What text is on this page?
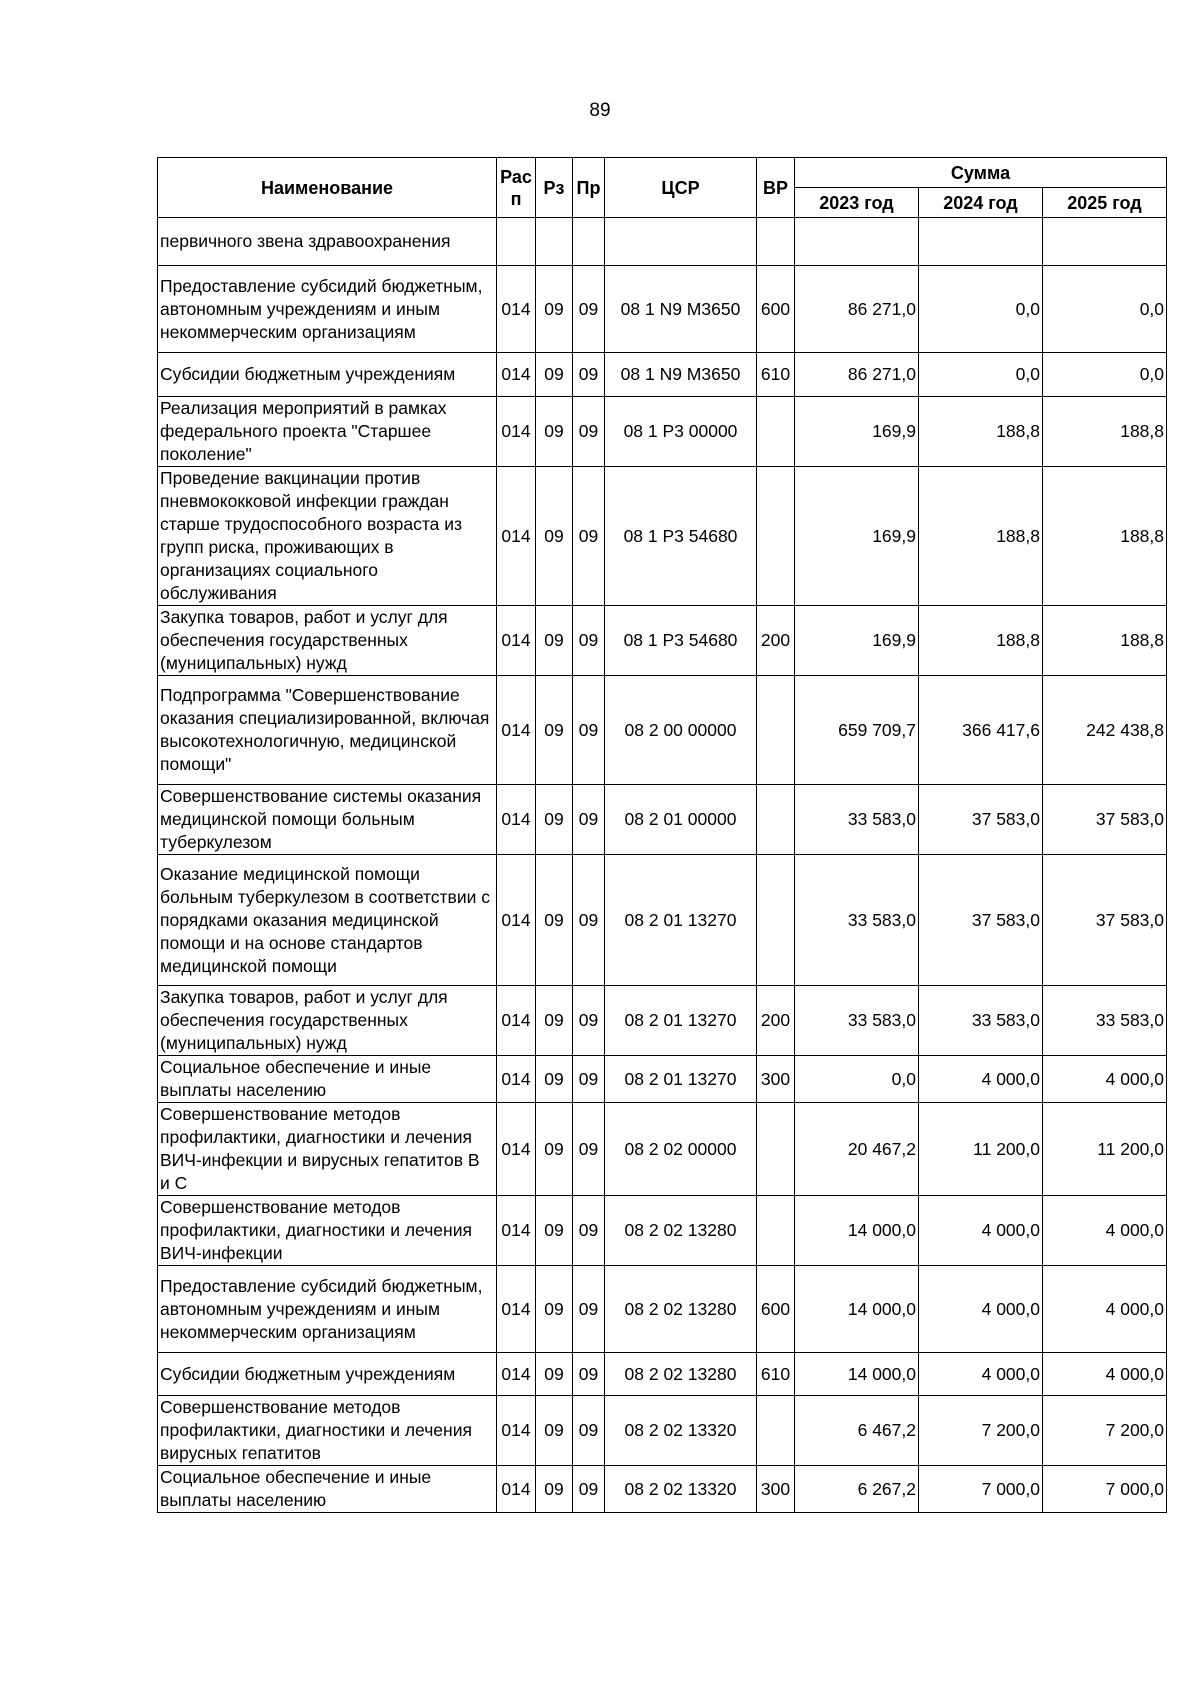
89
Наименование	Рас п	Рз	Пр	ЦСР	ВР	Сумма		
						2023 год	2024 год	2025 год
первичного звена здравоохранения								
Предоставление субсидий бюджетным, автономным учреждениям и иным некоммерческим организациям	014	09	09	08 1 N9 M3650	600	86 271,0	0,0	0,0
Субсидии бюджетным учреждениям	014	09	09	08 1 N9 M3650	610	86 271,0	0,0	0,0
Реализация мероприятий в рамках федерального проекта "Старшее поколение"	014	09	09	08 1 P3 00000		169,9	188,8	188,8
Проведение вакцинации против пневмококковой инфекции граждан старше трудоспособного возраста из групп риска, проживающих в организациях социального обслуживания	014	09	09	08 1 P3 54680		169,9	188,8	188,8
Закупка товаров, работ и услуг для обеспечения государственных (муниципальных) нужд	014	09	09	08 1 P3 54680	200	169,9	188,8	188,8
Подпрограмма "Совершенствование оказания специализированной, включая высокотехнологичную, медицинской помощи"	014	09	09	08 2 00 00000		659 709,7	366 417,6	242 438,8
Совершенствование системы оказания медицинской помощи больным туберкулезом	014	09	09	08 2 01 00000		33 583,0	37 583,0	37 583,0
Оказание медицинской помощи больным туберкулезом в соответствии с порядками оказания медицинской помощи и на основе стандартов медицинской помощи	014	09	09	08 2 01 13270		33 583,0	37 583,0	37 583,0
Закупка товаров, работ и услуг для обеспечения государственных (муниципальных) нужд	014	09	09	08 2 01 13270	200	33 583,0	33 583,0	33 583,0
Социальное обеспечение и иные выплаты населению	014	09	09	08 2 01 13270	300	0,0	4 000,0	4 000,0
Совершенствование методов профилактики, диагностики и лечения ВИЧ-инфекции и вирусных гепатитов B и C	014	09	09	08 2 02 00000		20 467,2	11 200,0	11 200,0
Совершенствование методов профилактики, диагностики и лечения ВИЧ-инфекции	014	09	09	08 2 02 13280		14 000,0	4 000,0	4 000,0
Предоставление субсидий бюджетным, автономным учреждениям и иным некоммерческим организациям	014	09	09	08 2 02 13280	600	14 000,0	4 000,0	4 000,0
Субсидии бюджетным учреждениям	014	09	09	08 2 02 13280	610	14 000,0	4 000,0	4 000,0
Совершенствование методов профилактики, диагностики и лечения вирусных гепатитов	014	09	09	08 2 02 13320		6 467,2	7 200,0	7 200,0
Социальное обеспечение и иные выплаты населению	014	09	09	08 2 02 13320	300	6 267,2	7 000,0	7 000,0
